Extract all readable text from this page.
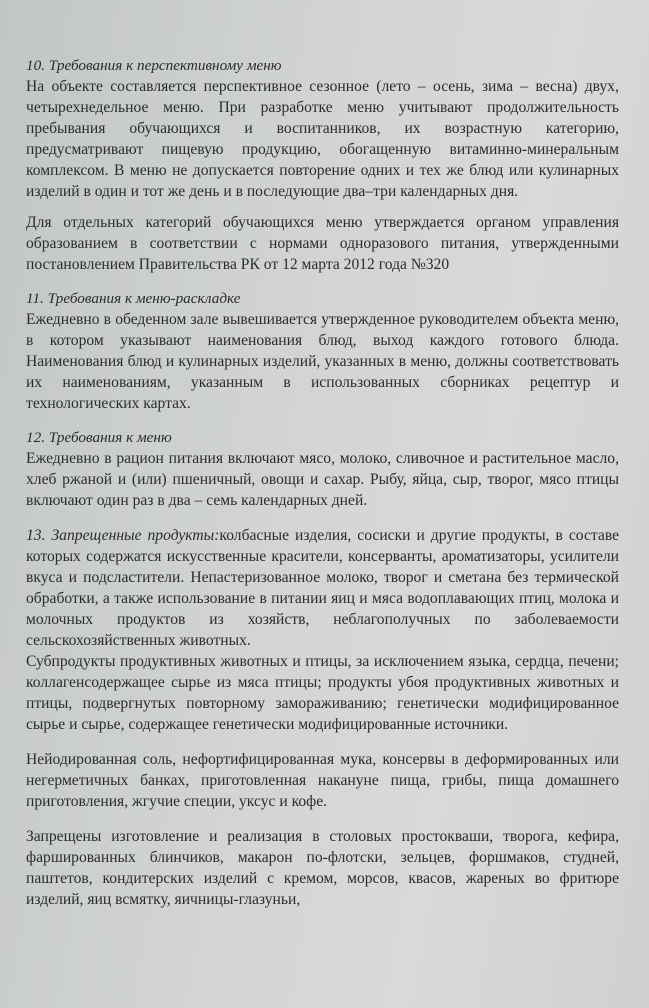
10. Требования к перспективному меню

На объекте составляется перспективное сезонное (лето – осень, зима – весна) двух, четырехнедельное меню. При разработке меню учитывают продолжительность пребывания обучающихся и воспитанников, их возрастную категорию, предусматривают пищевую продукцию, обогащенную витаминно-минеральным комплексом. В меню не допускается повторение одних и тех же блюд или кулинарных изделий в один и тот же день и в последующие два–три календарных дня.

Для отдельных категорий обучающихся меню утверждается органом управления образованием в соответствии с нормами одноразового питания, утвержденными постановлением Правительства РК от 12 марта 2012 года №320

11. Требования к меню-раскладке

Ежедневно в обеденном зале вывешивается утвержденное руководителем объекта меню, в котором указывают наименования блюд, выход каждого готового блюда. Наименования блюд и кулинарных изделий, указанных в меню, должны соответствовать их наименованиям, указанным в использованных сборниках рецептур и технологических картах.

12. Требования к меню

Ежедневно в рацион питания включают мясо, молоко, сливочное и растительное масло, хлеб ржаной и (или) пшеничный, овощи и сахар. Рыбу, яйца, сыр, творог, мясо птицы включают один раз в два – семь календарных дней.

13. Запрещенные продукты:колбасные изделия, сосиски и другие продукты, в составе которых содержатся искусственные красители, консерванты, ароматизаторы, усилители вкуса и подсластители. Непастеризованное молоко, творог и сметана без термической обработки, а также использование в питании яиц и мяса водоплавающих птиц, молока и молочных продуктов из хозяйств, неблагополучных по заболеваемости сельскохозяйственных животных.

Субпродукты продуктивных животных и птицы, за исключением языка, сердца, печени; коллагенсодержащее сырье из мяса птицы; продукты убоя продуктивных животных и птицы, подвергнутых повторному замораживанию; генетически модифицированное сырье и сырье, содержащее генетически модифицированные источники.

Нейодированная соль, нефортифицированная мука, консервы в деформированных или негерметичных банках, приготовленная накануне пища, грибы, пища домашнего приготовления, жгучие специи, уксус и кофе.

Запрещены изготовление и реализация в столовых простокваши, творога, кефира, фаршированных блинчиков, макарон по-флотски, зельцев, форшмаков, студней, паштетов, кондитерских изделий с кремом, морсов, квасов, жареных во фритюре изделий, яиц всмятку, яичницы-глазуньи,
